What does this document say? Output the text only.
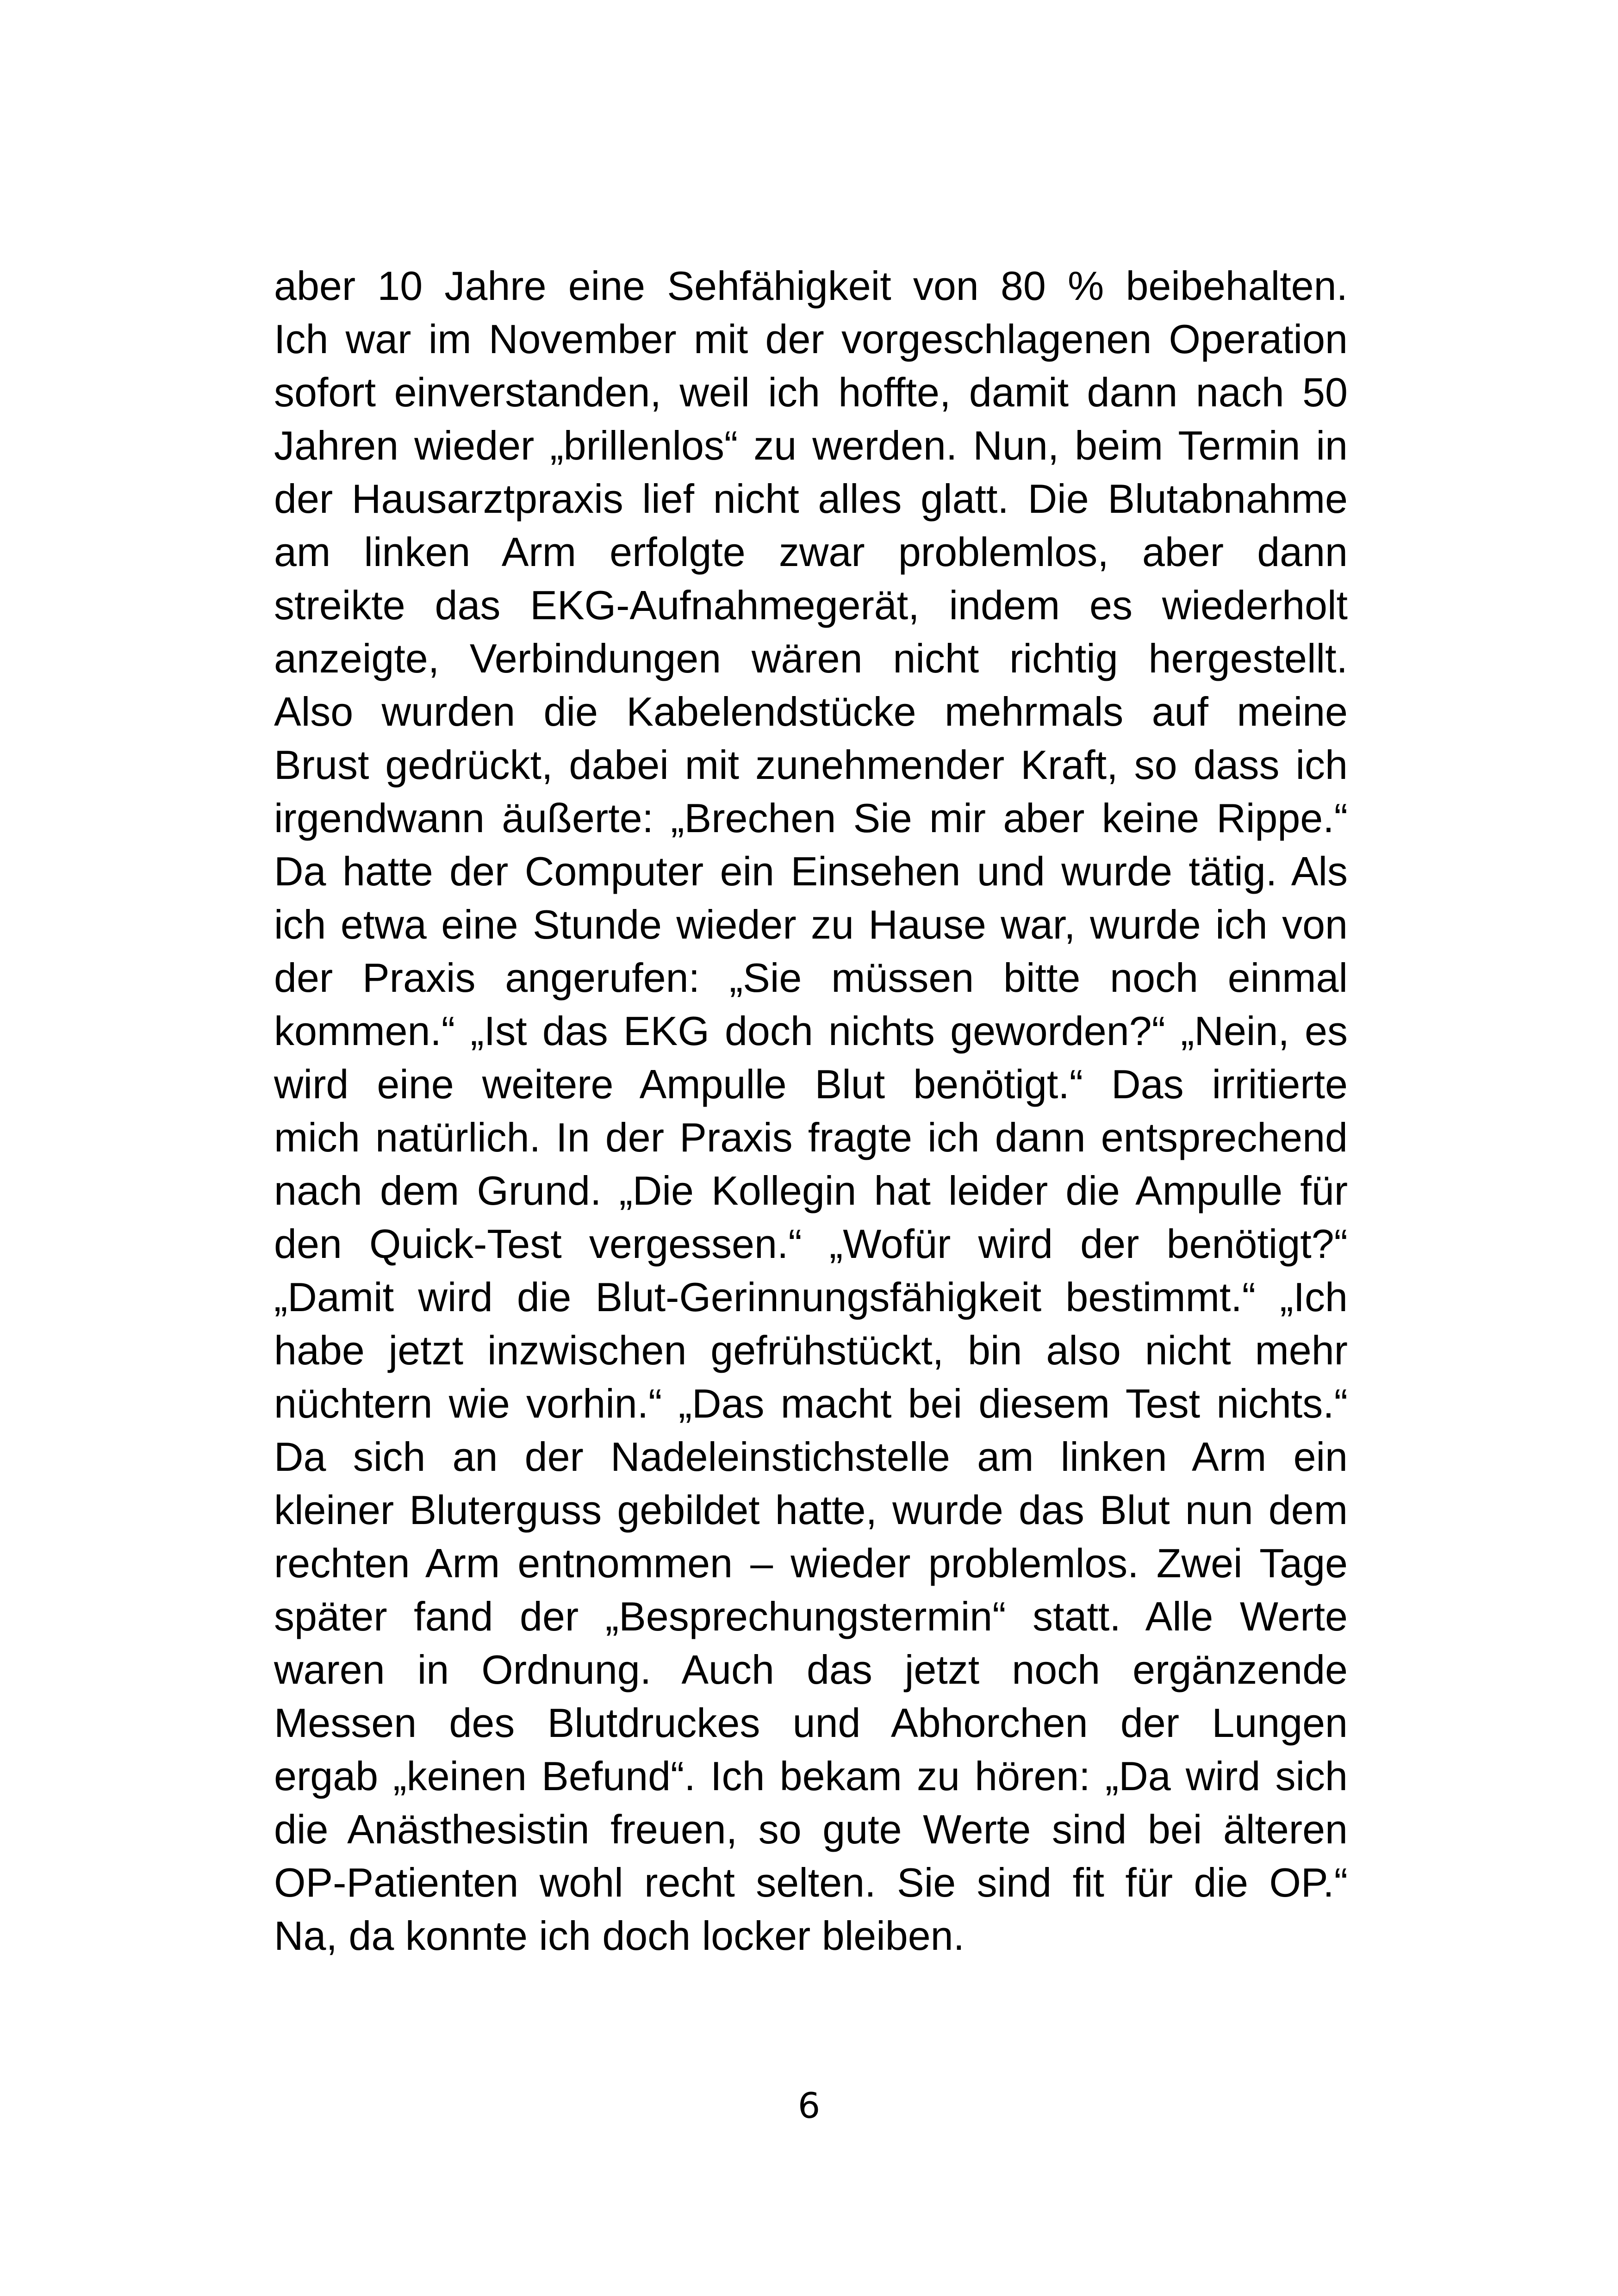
aber 10 Jahre eine Sehfähigkeit von 80 % beibehalten.
Ich war im November mit der vorgeschlagenen Operation
sofort einverstanden, weil ich hoffte, damit dann nach 50
Jahren wieder „brillenlos“ zu werden. Nun, beim Termin in
der Hausarztpraxis lief nicht alles glatt. Die Blutabnahme
am linken Arm erfolgte zwar problemlos, aber dann
streikte das EKG-Aufnahmegerät, indem es wiederholt
anzeigte, Verbindungen wären nicht richtig hergestellt.
Also wurden die Kabelendstücke mehrmals auf meine
Brust gedrückt, dabei mit zunehmender Kraft, so dass ich
irgendwann äußerte: „Brechen Sie mir aber keine Rippe.“
Da hatte der Computer ein Einsehen und wurde tätig. Als
ich etwa eine Stunde wieder zu Hause war, wurde ich von
der Praxis angerufen: „Sie müssen bitte noch einmal
kommen.“ „Ist das EKG doch nichts geworden?“ „Nein, es
wird eine weitere Ampulle Blut benötigt.“ Das irritierte
mich natürlich. In der Praxis fragte ich dann entsprechend
nach dem Grund. „Die Kollegin hat leider die Ampulle für
den Quick-Test vergessen.“ „Wofür wird der benötigt?“
„Damit wird die Blut-Gerinnungsfähigkeit bestimmt.“ „Ich
habe jetzt inzwischen gefrühstückt, bin also nicht mehr
nüchtern wie vorhin.“ „Das macht bei diesem Test nichts.“
Da sich an der Nadeleinstichstelle am linken Arm ein
kleiner Bluterguss gebildet hatte, wurde das Blut nun dem
rechten Arm entnommen – wieder problemlos. Zwei Tage
später fand der „Besprechungstermin“ statt. Alle Werte
waren in Ordnung. Auch das jetzt noch ergänzende
Messen des Blutdruckes und Abhorchen der Lungen
ergab „keinen Befund“. Ich bekam zu hören: „Da wird sich
die Anästhesistin freuen, so gute Werte sind bei älteren
OP-Patienten wohl recht selten. Sie sind fit für die OP.“
Na, da konnte ich doch locker bleiben.
6
